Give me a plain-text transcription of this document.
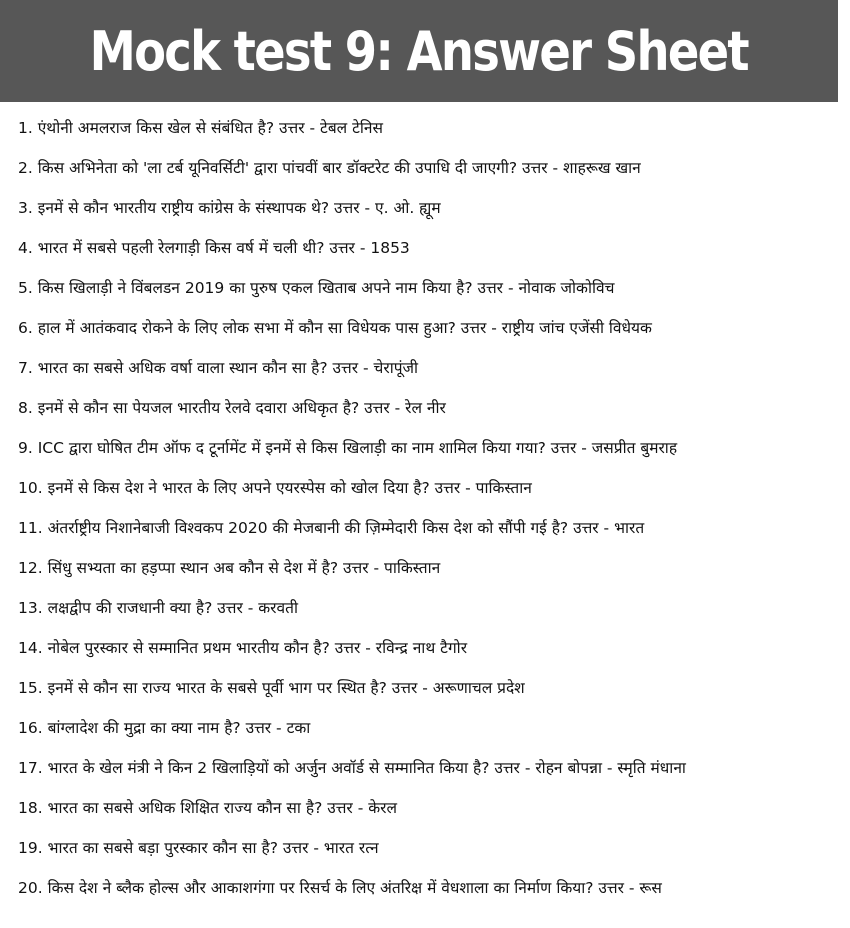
Mock test 9: Answer Sheet
1. एंथोनी अमलराज किस खेल से संबंधित है? उत्तर - टेबल टेनिस
2. किस अभिनेता को 'ला टर्ब यूनिवर्सिटी' द्वारा पांचवीं बार डॉक्टरेट की उपाधि दी जाएगी? उत्तर - शाहरूख खान
3. इनमें से कौन भारतीय राष्ट्रीय कांग्रेस के संस्थापक थे? उत्तर - ए. ओ. ह्यूम
4. भारत में सबसे पहली रेलगाड़ी किस वर्ष में चली थी? उत्तर - 1853
5. किस खिलाड़ी ने विंबलडन 2019 का पुरुष एकल खिताब अपने नाम किया है? उत्तर - नोवाक जोकोविच
6. हाल में आतंकवाद रोकने के लिए लोक सभा में कौन सा विधेयक पास हुआ? उत्तर - राष्ट्रीय जांच एजेंसी विधेयक
7. भारत का सबसे अधिक वर्षा वाला स्थान कौन सा है? उत्तर - चेरापूंजी
8. इनमें से कौन सा पेयजल भारतीय रेलवे दवारा अधिकृत है? उत्तर - रेल नीर
9. ICC द्वारा घोषित टीम ऑफ द टूर्नामेंट में इनमें से किस खिलाड़ी का नाम शामिल किया गया? उत्तर - जसप्रीत बुमराह
10. इनमें से किस देश ने भारत के लिए अपने एयरस्पेस को खोल दिया है? उत्तर - पाकिस्तान
11. अंतर्राष्ट्रीय निशानेबाजी विश्वकप 2020 की मेजबानी की ज़िम्मेदारी किस देश को सौंपी गई है? उत्तर - भारत
12. सिंधु सभ्यता का हड़प्पा स्थान अब कौन से देश में है? उत्तर - पाकिस्तान
13. लक्षद्वीप की राजधानी क्या है? उत्तर - करवती
14. नोबेल पुरस्कार से सम्मानित प्रथम भारतीय कौन है? उत्तर - रविन्द्र नाथ टैगोर
15. इनमें से कौन सा राज्य भारत के सबसे पूर्वी भाग पर स्थित है? उत्तर - अरूणाचल प्रदेश
16. बांग्लादेश की मुद्रा का क्या नाम है? उत्तर - टका
17. भारत के खेल मंत्री ने किन 2 खिलाड़ियों को अर्जुन अवॉर्ड से सम्मानित किया है? उत्तर - रोहन बोपन्ना - स्मृति मंधाना
18. भारत का सबसे अधिक शिक्षित राज्य कौन सा है? उत्तर - केरल
19. भारत का सबसे बड़ा पुरस्कार कौन सा है? उत्तर - भारत रत्न
20. किस देश ने ब्लैक होल्स और आकाशगंगा पर रिसर्च के लिए अंतरिक्ष में वेधशाला का निर्माण किया? उत्तर - रूस
